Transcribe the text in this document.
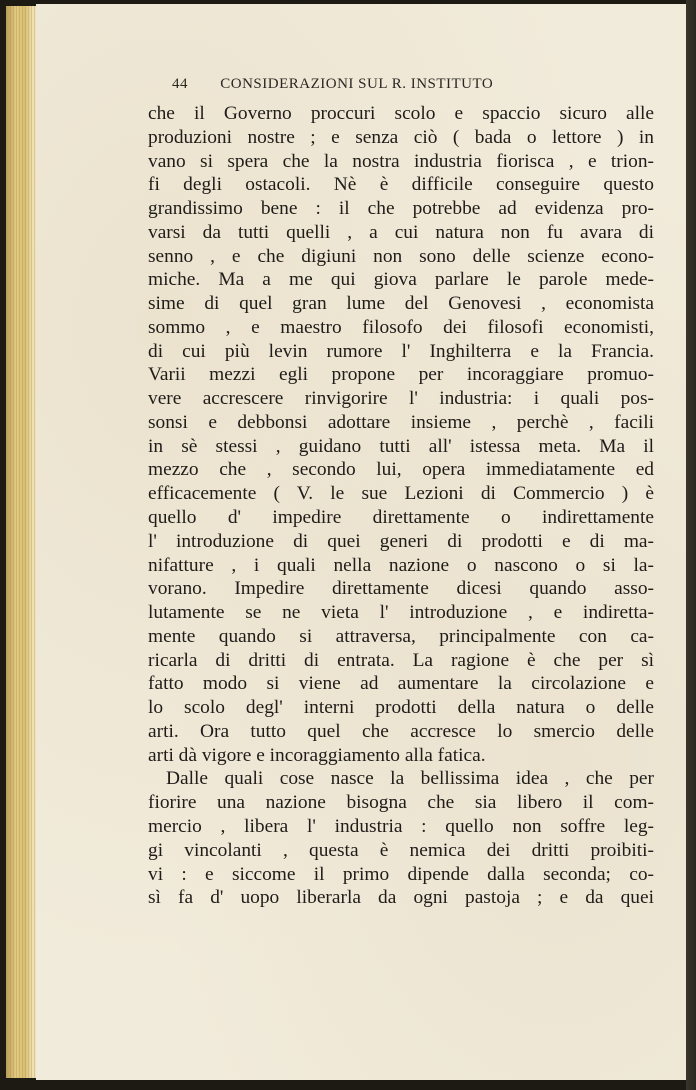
44 CONSIDERAZIONI SUL R. INSTITUTO
che il Governo proccuri scolo e spaccio sicuro alle
produzioni nostre ; e senza ciò ( bada o lettore ) in
vano si spera che la nostra industria fiorisca , e trion-
fi degli ostacoli. Nè è difficile conseguire questo
grandissimo bene : il che potrebbe ad evidenza pro-
varsi da tutti quelli , a cui natura non fu avara di
senno , e che digiuni non sono delle scienze econo-
miche. Ma a me qui giova parlare le parole mede-
sime di quel gran lume del Genovesi , economista
sommo , e maestro filosofo dei filosofi economisti,
di cui più levin rumore l' Inghilterra e la Francia.
Varii mezzi egli propone per incoraggiare promuo-
vere accrescere rinvigorire l' industria: i quali pos-
sonsi e debbonsi adottare insieme , perchè , facili
in sè stessi , guidano tutti all' istessa meta. Ma il
mezzo che , secondo lui, opera immediatamente ed
efficacemente ( V. le sue Lezioni di Commercio ) è
quello d' impedire direttamente o indirettamente
l' introduzione di quei generi di prodotti e di ma-
nifatture , i quali nella nazione o nascono o si la-
vorano. Impedire direttamente dicesi quando asso-
lutamente se ne vieta l' introduzione , e indiretta-
mente quando si attraversa, principalmente con ca-
ricarla di dritti di entrata. La ragione è che per sì
fatto modo si viene ad aumentare la circolazione e
lo scolo degl' interni prodotti della natura o delle
arti. Ora tutto quel che accresce lo smercio delle
arti dà vigore e incoraggiamento alla fatica.
Dalle quali cose nasce la bellissima idea , che per
fiorire una nazione bisogna che sia libero il com-
mercio , libera l' industria : quello non soffre leg-
gi vincolanti , questa è nemica dei dritti proibiti-
vi : e siccome il primo dipende dalla seconda; co-
sì fa d' uopo liberarla da ogni pastoja ; e da quei
